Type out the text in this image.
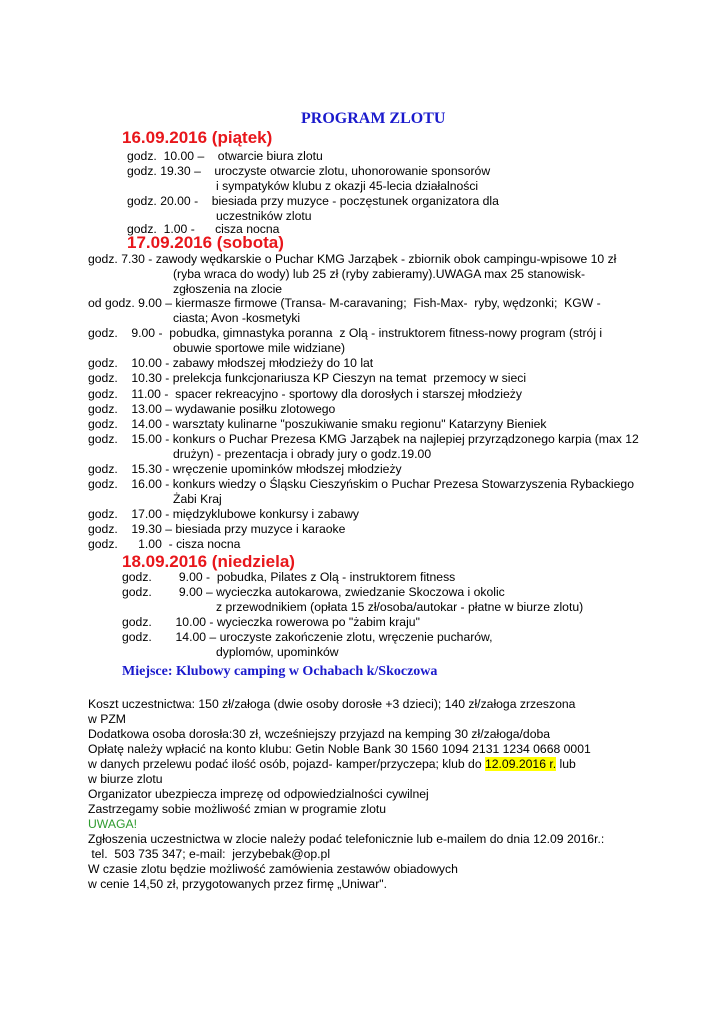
PROGRAM ZLOTU
16.09.2016 (piątek)
godz.  10.00 –    otwarcie biura zlotu
godz. 19.30 –    uroczyste otwarcie zlotu, uhonorowanie sponsorów
i sympatyków klubu z okazji 45-lecia działalności
godz. 20.00 -    biesiada przy muzyce - poczęstunek organizatora dla
uczestników zlotu
godz.  1.00 -      cisza nocna
17.09.2016 (sobota)
godz. 7.30 - zawody wędkarskie o Puchar KMG Jarząbek - zbiornik obok campingu-wpisowe 10 zł
(ryba wraca do wody) lub 25 zł (ryby zabieramy).UWAGA max 25 stanowisk-
zgłoszenia na zlocie
od godz. 9.00 – kiermasze firmowe (Transa- M-caravaning;  Fish-Max-  ryby, wędzonki;  KGW -
ciasta; Avon -kosmetyki
godz.    9.00 -  pobudka, gimnastyka poranna  z Olą - instruktorem fitness-nowy program (strój i
obuwie sportowe mile widziane)
godz.    10.00 - zabawy młodszej młodzieży do 10 lat
godz.    10.30 - prelekcja funkcjonariusza KP Cieszyn na temat  przemocy w sieci
godz.    11.00 -  spacer rekreacyjno - sportowy dla dorosłych i starszej młodzieży
godz.    13.00 – wydawanie posiłku zlotowego
godz.    14.00 - warsztaty kulinarne "poszukiwanie smaku regionu" Katarzyny Bieniek
godz.    15.00 - konkurs o Puchar Prezesa KMG Jarząbek na najlepiej przyrządzonego karpia (max 12
drużyn) - prezentacja i obrady jury o godz.19.00
godz.    15.30 - wręczenie upominków młodszej młodzieży
godz.    16.00 - konkurs wiedzy o Śląsku Cieszyńskim o Puchar Prezesa Stowarzyszenia Rybackiego
Żabi Kraj
godz.    17.00 - międzyklubowe konkursy i zabawy
godz.    19.30 – biesiada przy muzyce i karaoke
godz.      1.00  - cisza nocna
18.09.2016 (niedziela)
godz.        9.00 -  pobudka, Pilates z Olą - instruktorem fitness
godz.        9.00 – wycieczka autokarowa, zwiedzanie Skoczowa i okolic
z przewodnikiem (opłata 15 zł/osoba/autokar - płatne w biurze zlotu)
godz.       10.00 - wycieczka rowerowa po "żabim kraju"
godz.       14.00 – uroczyste zakończenie zlotu, wręczenie pucharów,
dyplomów, upominków
Miejsce: Klubowy camping w Ochabach k/Skoczowa
Koszt uczestnictwa: 150 zł/załoga (dwie osoby dorosłe +3 dzieci); 140 zł/załoga zrzeszona
w PZM
Dodatkowa osoba dorosła:30 zł, wcześniejszy przyjazd na kemping 30 zł/załoga/doba
Opłatę należy wpłacić na konto klubu: Getin Noble Bank 30 1560 1094 2131 1234 0668 0001
w danych przelewu podać ilość osób, pojazd- kamper/przyczepa; klub do 12.09.2016 r. lub
w biurze zlotu
Organizator ubezpiecza imprezę od odpowiedzialności cywilnej
Zastrzegamy sobie możliwość zmian w programie zlotu
UWAGA!
Zgłoszenia uczestnictwa w zlocie należy podać telefonicznie lub e-mailem do dnia 12.09 2016r.:
tel.  503 735 347; e-mail:  jerzybebak@op.pl
W czasie zlotu będzie możliwość zamówienia zestawów obiadowych
w cenie 14,50 zł, przygotowanych przez firmę „Uniwar".
